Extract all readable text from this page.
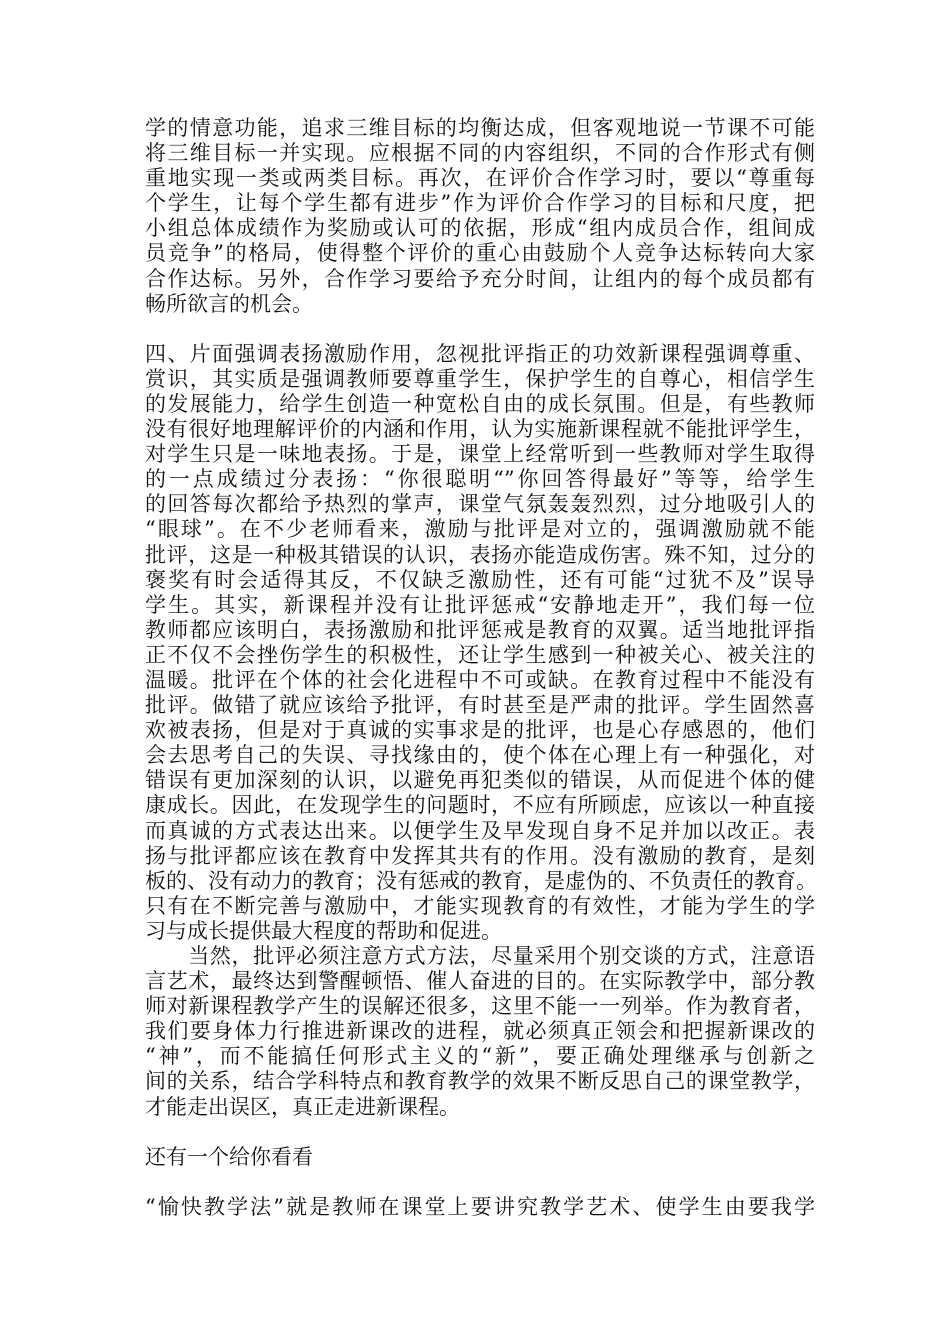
学的情意功能，追求三维目标的均衡达成，但客观地说一节课不可能
将三维目标一并实现。应根据不同的内容组织，不同的合作形式有侧
重地实现一类或两类目标。再次，在评价合作学习时，要以“尊重每
个学生，让每个学生都有进步”作为评价合作学习的目标和尺度，把
小组总体成绩作为奖励或认可的依据，形成“组内成员合作，组间成
员竞争”的格局，使得整个评价的重心由鼓励个人竞争达标转向大家
合作达标。另外，合作学习要给予充分时间，让组内的每个成员都有
畅所欲言的机会。
四、片面强调表扬激励作用，忽视批评指正的功效新课程强调尊重、
赏识，其实质是强调教师要尊重学生，保护学生的自尊心，相信学生
的发展能力，给学生创造一种宽松自由的成长氛围。但是，有些教师
没有很好地理解评价的内涵和作用，认为实施新课程就不能批评学生，
对学生只是一味地表扬。于是，课堂上经常听到一些教师对学生取得
的一点成绩过分表扬：“你很聪明“”你回答得最好”等等，给学生
的回答每次都给予热烈的掌声，课堂气氛轰轰烈烈，过分地吸引人的
“眼球”。在不少老师看来，激励与批评是对立的，强调激励就不能
批评，这是一种极其错误的认识，表扬亦能造成伤害。殊不知，过分的
褒奖有时会适得其反，不仅缺乏激励性，还有可能“过犹不及”误导
学生。其实，新课程并没有让批评惩戒“安静地走开”，我们每一位
教师都应该明白，表扬激励和批评惩戒是教育的双翼。适当地批评指
正不仅不会挫伤学生的积极性，还让学生感到一种被关心、被关注的
温暖。批评在个体的社会化进程中不可或缺。在教育过程中不能没有
批评。做错了就应该给予批评，有时甚至是严肃的批评。学生固然喜
欢被表扬，但是对于真诚的实事求是的批评，也是心存感恩的，他们
会去思考自己的失误、寻找缘由的，使个体在心理上有一种强化，对
错误有更加深刻的认识，以避免再犯类似的错误，从而促进个体的健
康成长。因此，在发现学生的问题时，不应有所顾虑，应该以一种直接
而真诚的方式表达出来。以便学生及早发现自身不足并加以改正。表
扬与批评都应该在教育中发挥其共有的作用。没有激励的教育，是刻
板的、没有动力的教育；没有惩戒的教育，是虚伪的、不负责任的教育。
只有在不断完善与激励中，才能实现教育的有效性，才能为学生的学
习与成长提供最大程度的帮助和促进。
　　当然，批评必须注意方式方法，尽量采用个别交谈的方式，注意语
言艺术，最终达到警醒顿悟、催人奋进的目的。在实际教学中，部分教
师对新课程教学产生的误解还很多，这里不能一一列举。作为教育者，
我们要身体力行推进新课改的进程，就必须真正领会和把握新课改的
“神”，而不能搞任何形式主义的“新”，要正确处理继承与创新之
间的关系，结合学科特点和教育教学的效果不断反思自己的课堂教学，
才能走出误区，真正走进新课程。
还有一个给你看看
“愉快教学法”就是教师在课堂上要讲究教学艺术、使学生由要我学
